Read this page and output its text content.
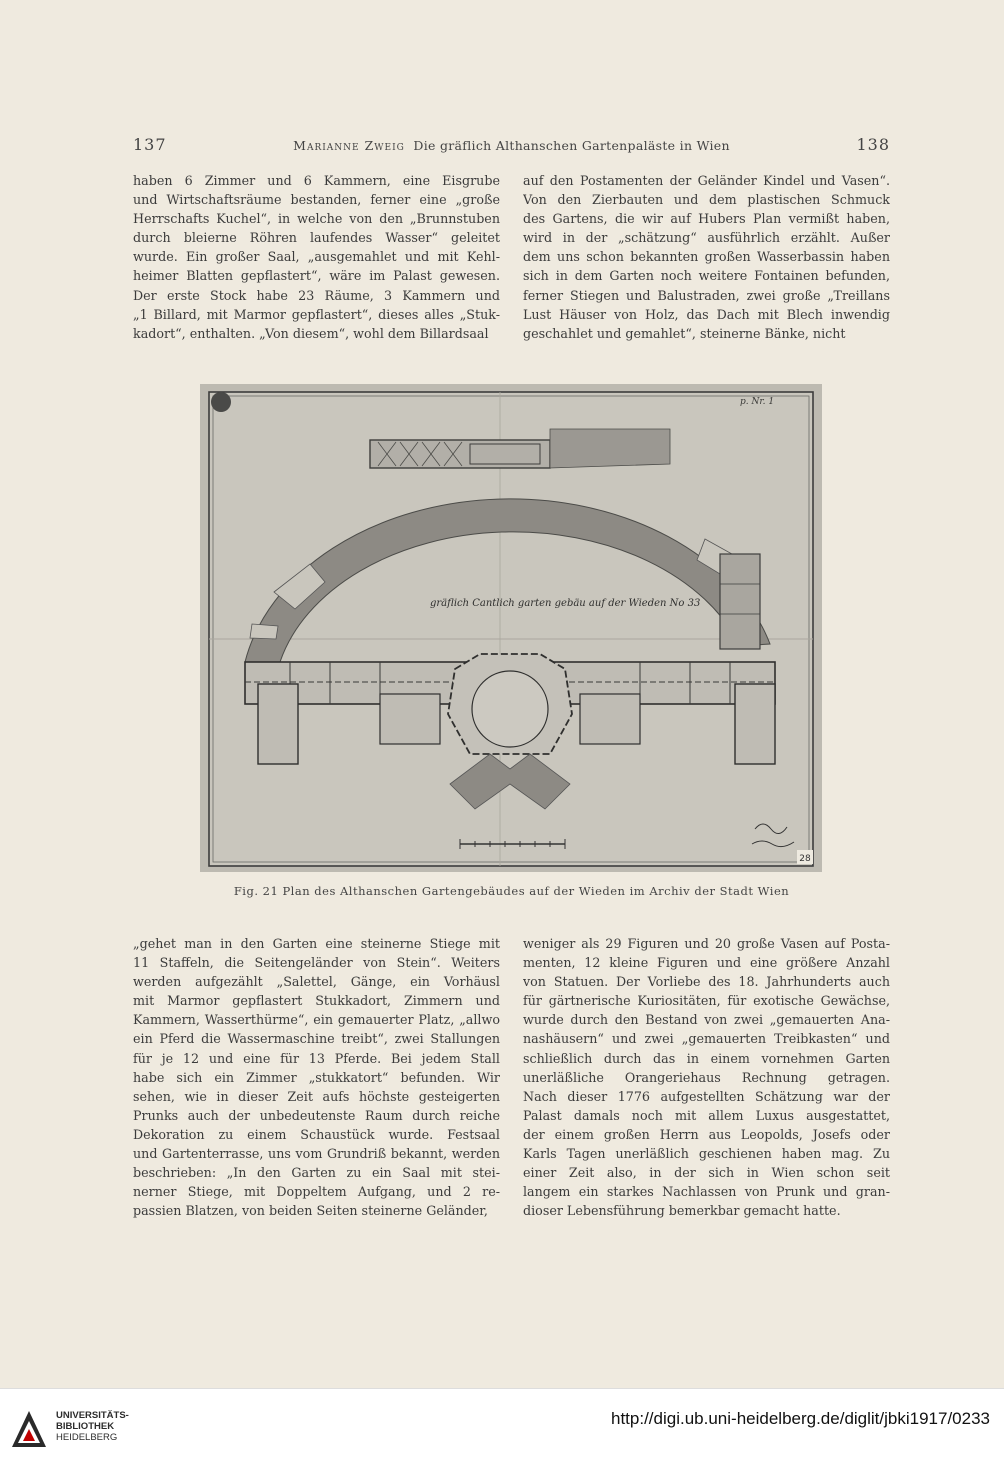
137	Marianne Zweig Die gräflich Althanschen Gartenpaläste in Wien	138
haben 6 Zimmer und 6 Kammern, eine Eisgrube
und Wirtschaftsräume bestanden, ferner eine „große
Herrschafts Kuchel“, in welche von den „Brunnstuben
durch bleierne Röhren laufendes Wasser“ geleitet
wurde. Ein großer Saal, „ausgemahlet und mit Kehl-
heimer Blatten gepflastert“, wäre im Palast gewesen.
Der erste Stock habe 23 Räume, 3 Kammern und
„1 Billard, mit Marmor gepflastert“, dieses alles „Stuk-
kadort“, enthalten. „Von diesem“, wohl dem Billardsaal
auf den Postamenten der Geländer Kindel und Vasen“.
Von den Zierbauten und dem plastischen Schmuck
des Gartens, die wir auf Hubers Plan vermißt haben,
wird in der „schätzung“ ausführlich erzählt. Außer
dem uns schon bekannten großen Wasserbassin haben
sich in dem Garten noch weitere Fontainen befunden,
ferner Stiegen und Balustraden, zwei große „Treillans
Lust Häuser von Holz, das Dach mit Blech inwendig
geschahlet und gemahlet“, steinerne Bänke, nicht
gräflich Cantlich garten gebäu auf der Wieden No 33
p. Nr. 1
28
Fig. 21 Plan des Althanschen Gartengebäudes auf der Wieden im Archiv der Stadt Wien
„gehet man in den Garten eine steinerne Stiege mit
11 Staffeln, die Seitengeländer von Stein“. Weiters
werden aufgezählt „Salettel, Gänge, ein Vorhäusl
mit Marmor gepflastert Stukkadort, Zimmern und
Kammern, Wasserthürme“, ein gemauerter Platz, „allwo
ein Pferd die Wassermaschine treibt“, zwei Stallungen
für je 12 und eine für 13 Pferde. Bei jedem Stall
habe sich ein Zimmer „stukkatort“ befunden. Wir
sehen, wie in dieser Zeit aufs höchste gesteigerten
Prunks auch der unbedeutenste Raum durch reiche
Dekoration zu einem Schaustück wurde. Festsaal
und Gartenterrasse, uns vom Grundriß bekannt, werden
beschrieben: „In den Garten zu ein Saal mit stei-
nerner Stiege, mit Doppeltem Aufgang, und 2 re-
passien Blatzen, von beiden Seiten steinerne Geländer,
weniger als 29 Figuren und 20 große Vasen auf Posta-
menten, 12 kleine Figuren und eine größere Anzahl
von Statuen. Der Vorliebe des 18. Jahrhunderts auch
für gärtnerische Kuriositäten, für exotische Gewächse,
wurde durch den Bestand von zwei „gemauerten Ana-
nashäusern“ und zwei „gemauerten Treibkasten“ und
schließlich durch das in einem vornehmen Garten
unerläßliche Orangeriehaus Rechnung getragen.
Nach dieser 1776 aufgestellten Schätzung war der
Palast damals noch mit allem Luxus ausgestattet,
der einem großen Herrn aus Leopolds, Josefs oder
Karls Tagen unerläßlich geschienen haben mag. Zu
einer Zeit also, in der sich in Wien schon seit
langem ein starkes Nachlassen von Prunk und gran-
dioser Lebensführung bemerkbar gemacht hatte.
UNIVERSITÄTS-
BIBLIOTHEK
HEIDELBERG
http://digi.ub.uni-heidelberg.de/diglit/jbki1917/0233
